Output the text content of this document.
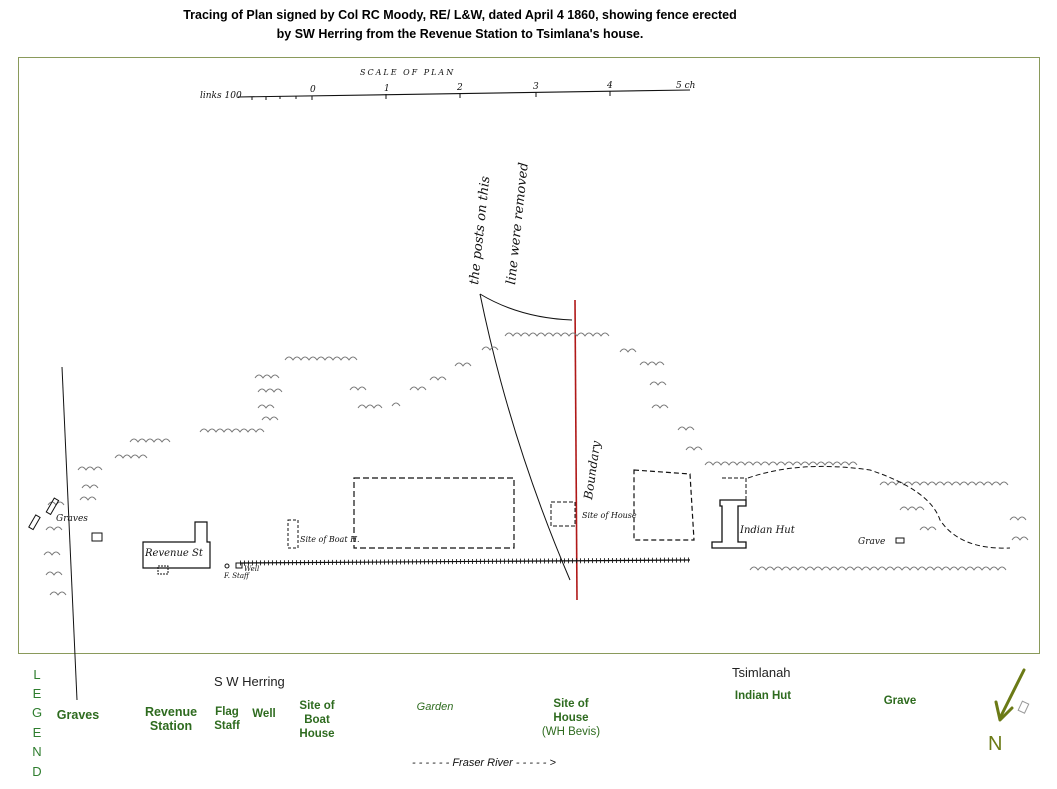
Tracing of Plan signed by Col RC Moody, RE/ L&W, dated April 4 1860, showing fence erected
by SW Herring from the Revenue Station to Tsimlana's house.
SCALE OF PLAN
links 100
0	1	2	3	4	5 ch
the posts on this line were removed
Boundary
Graves
Revenue St
Well
F. Staff
Site of Boat H.
Site of House
Indian Hut
Grave
L
E
G
E
N
D
Graves	Revenue
Station
S W Herring
Flag
Staff
Well
Site of
Boat
House
Garden	Site of
House
(WH Bevis)
Tsimlanah
Indian Hut	Grave
- - - - - - Fraser River - - - - - >
N
